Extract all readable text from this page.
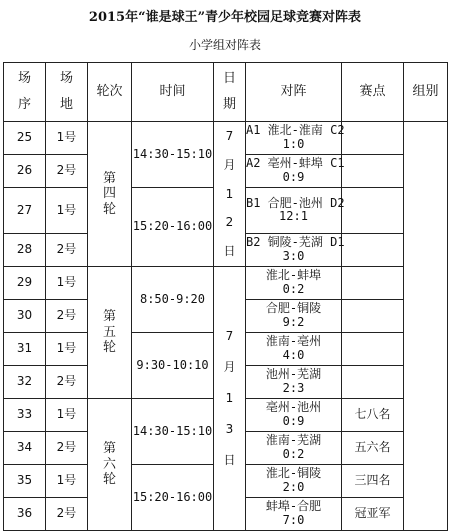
2015年“谁是球王”青少年校园足球竞赛对阵表
小学组对阵表
场序	场地	轮次	时间	日期	对阵	赛点	组别
25	1号	第四轮	14:30-15:10	7月12日	A1 淮北-淮南 C2
1:0		

26	2号				A2 亳州-蚌埠 C1
0:9		

27	1号		15:20-16:00		B1 合肥-池州 D2
12:1		

28	2号				B2 铜陵-芜湖 D1
3:0		

29	1号	第五轮	8:50-9:20	7月13日	淮北-蚌埠
0:2		

30	2号				合肥-铜陵
9:2		

31	1号		9:30-10:10		淮南-亳州
4:0		

32	2号				池州-芜湖
2:3		

33	1号	第六轮	14:30-15:10		亳州-池州
0:9	七八名	
34	2号				淮南-芜湖
0:2	五六名	
35	1号		15:20-16:00		淮北-铜陵
2:0	三四名	
36	2号				蚌埠-合肥
7:0	冠亚军	
